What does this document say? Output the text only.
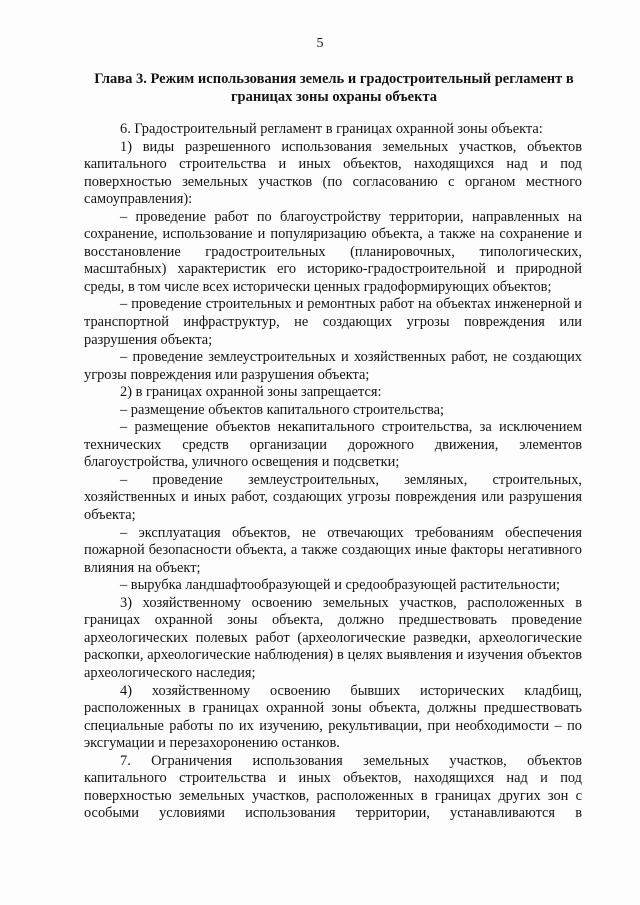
5
Глава 3. Режим использования земель и градостроительный регламент в границах зоны охраны объекта

6. Градостроительный регламент в границах охранной зоны объекта:

1) виды разрешенного использования земельных участков, объектов капитального строительства и иных объектов, находящихся над и под поверхностью земельных участков (по согласованию с органом местного самоуправления):

– проведение работ по благоустройству территории, направленных на сохранение, использование и популяризацию объекта, а также на сохранение и восстановление градостроительных (планировочных, типологических, масштабных) характеристик его историко-градостроительной и природной среды, в том числе всех исторически ценных градоформирующих объектов;

– проведение строительных и ремонтных работ на объектах инженерной и транспортной инфраструктур, не создающих угрозы повреждения или разрушения объекта;

– проведение землеустроительных и хозяйственных работ, не создающих угрозы повреждения или разрушения объекта;

2) в границах охранной зоны запрещается:

– размещение объектов капитального строительства;

– размещение объектов некапитального строительства, за исключением технических средств организации дорожного движения, элементов благоустройства, уличного освещения и подсветки;

– проведение землеустроительных, земляных, строительных, хозяйственных и иных работ, создающих угрозы повреждения или разрушения объекта;

– эксплуатация объектов, не отвечающих требованиям обеспечения пожарной безопасности объекта, а также создающих иные факторы негативного влияния на объект;

– вырубка ландшафтообразующей и средообразующей растительности;

3) хозяйственному освоению земельных участков, расположенных в границах охранной зоны объекта, должно предшествовать проведение археологических полевых работ (археологические разведки, археологические раскопки, археологические наблюдения) в целях выявления и изучения объектов археологического наследия;

4) хозяйственному освоению бывших исторических кладбищ, расположенных в границах охранной зоны объекта, должны предшествовать специальные работы по их изучению, рекультивации, при необходимости – по эксгумации и перезахоронению останков.

7. Ограничения использования земельных участков, объектов капитального строительства и иных объектов, находящихся над и под поверхностью земельных участков, расположенных в границах других зон с особыми условиями использования территории, устанавливаются в
